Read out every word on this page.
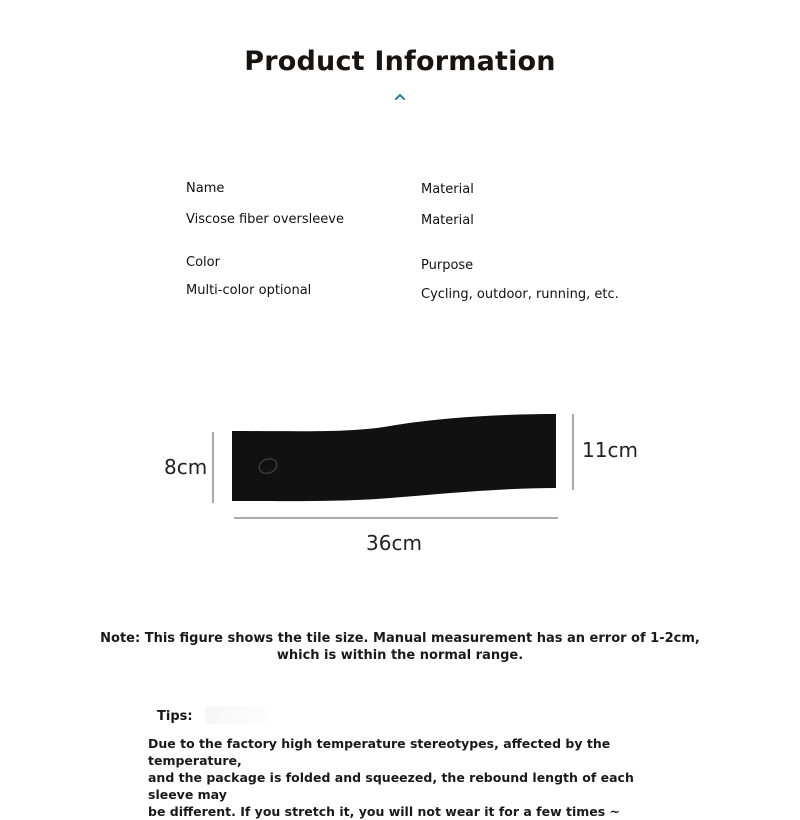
Product Information
Name
Viscose fiber oversleeve
Color
Multi-color optional
Material
Material
Purpose
Cycling, outdoor, running, etc.
8cm
11cm
36cm
Note: This figure shows the tile size. Manual measurement has an error of 1-2cm,
which is within the normal range.
Tips:
Due to the factory high temperature stereotypes, affected by the temperature,
and the package is folded and squeezed, the rebound length of each sleeve may
be different. If you stretch it, you will not wear it for a few times ~
